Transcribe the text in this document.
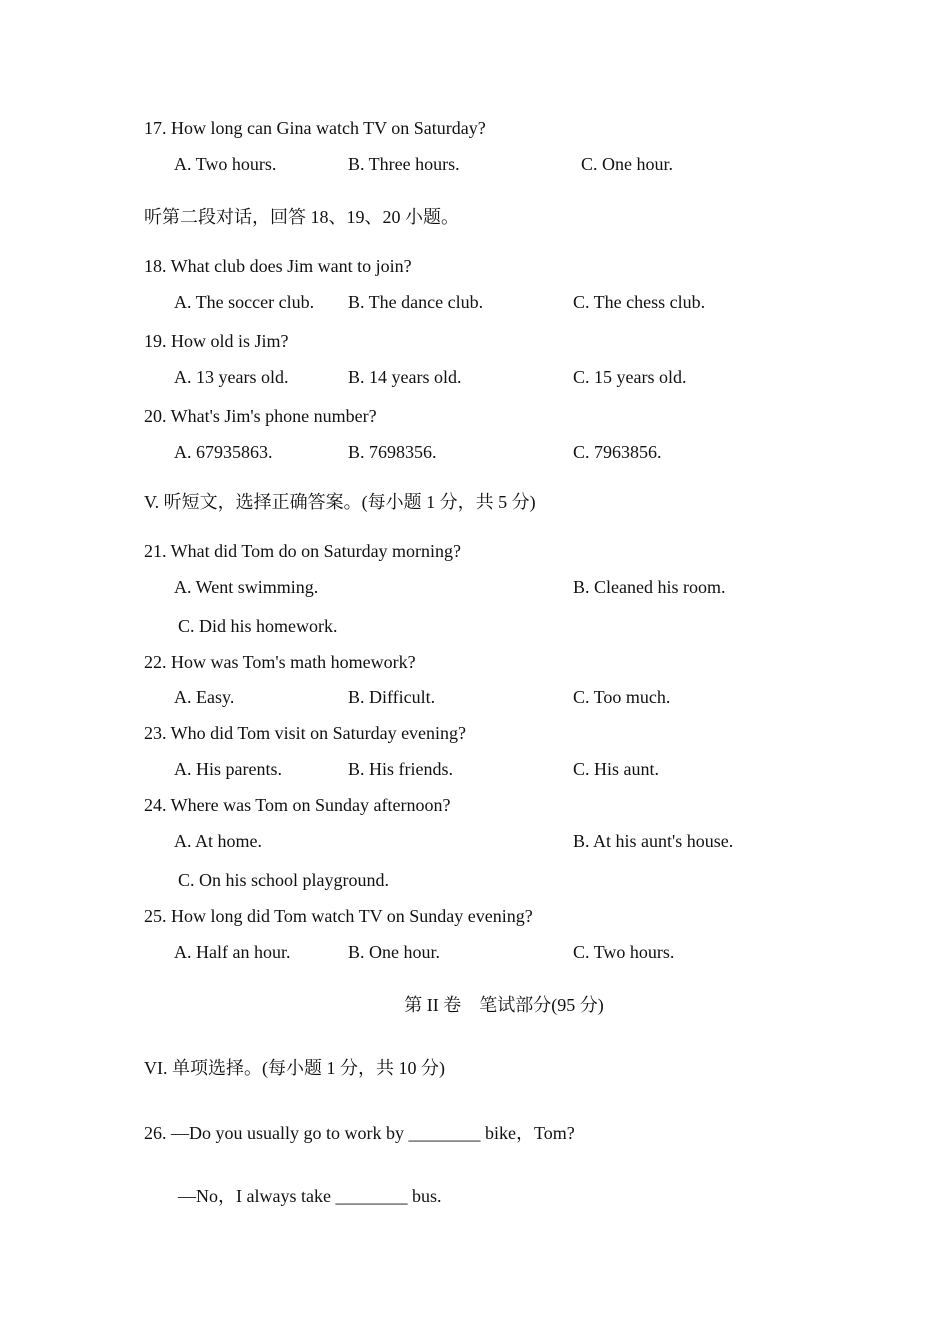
17. How long can Gina watch TV on Saturday?
A. Two hours.	B. Three hours.	C. One hour.
听第二段对话，回答 18、19、20 小题。
18. What club does Jim want to join?
A. The soccer club. B. The dance club.	C. The chess club.
19. How old is Jim?
A. 13 years old.	B. 14 years old.	C. 15 years old.
20. What's Jim's phone number?
A. 67935863.	B. 7698356.	C. 7963856.
V. 听短文，选择正确答案。(每小题 1 分，共 5 分)
21. What did Tom do on Saturday morning?
A. Went swimming.	B. Cleaned his room.
C. Did his homework.
22. How was Tom's math homework?
A. Easy.	B. Difficult.	C. Too much.
23. Who did Tom visit on Saturday evening?
A. His parents.	B. His friends.	C. His aunt.
24. Where was Tom on Sunday afternoon?
A. At home.	B. At his aunt's house.
C. On his school playground.
25. How long did Tom watch TV on Sunday evening?
A. Half an hour.	B. One hour.	C. Two hours.
第 II 卷　笔试部分(95 分)
VI. 单项选择。(每小题 1 分，共 10 分)
26. —Do you usually go to work by ________ bike，Tom?
—No，I always take ________ bus.
